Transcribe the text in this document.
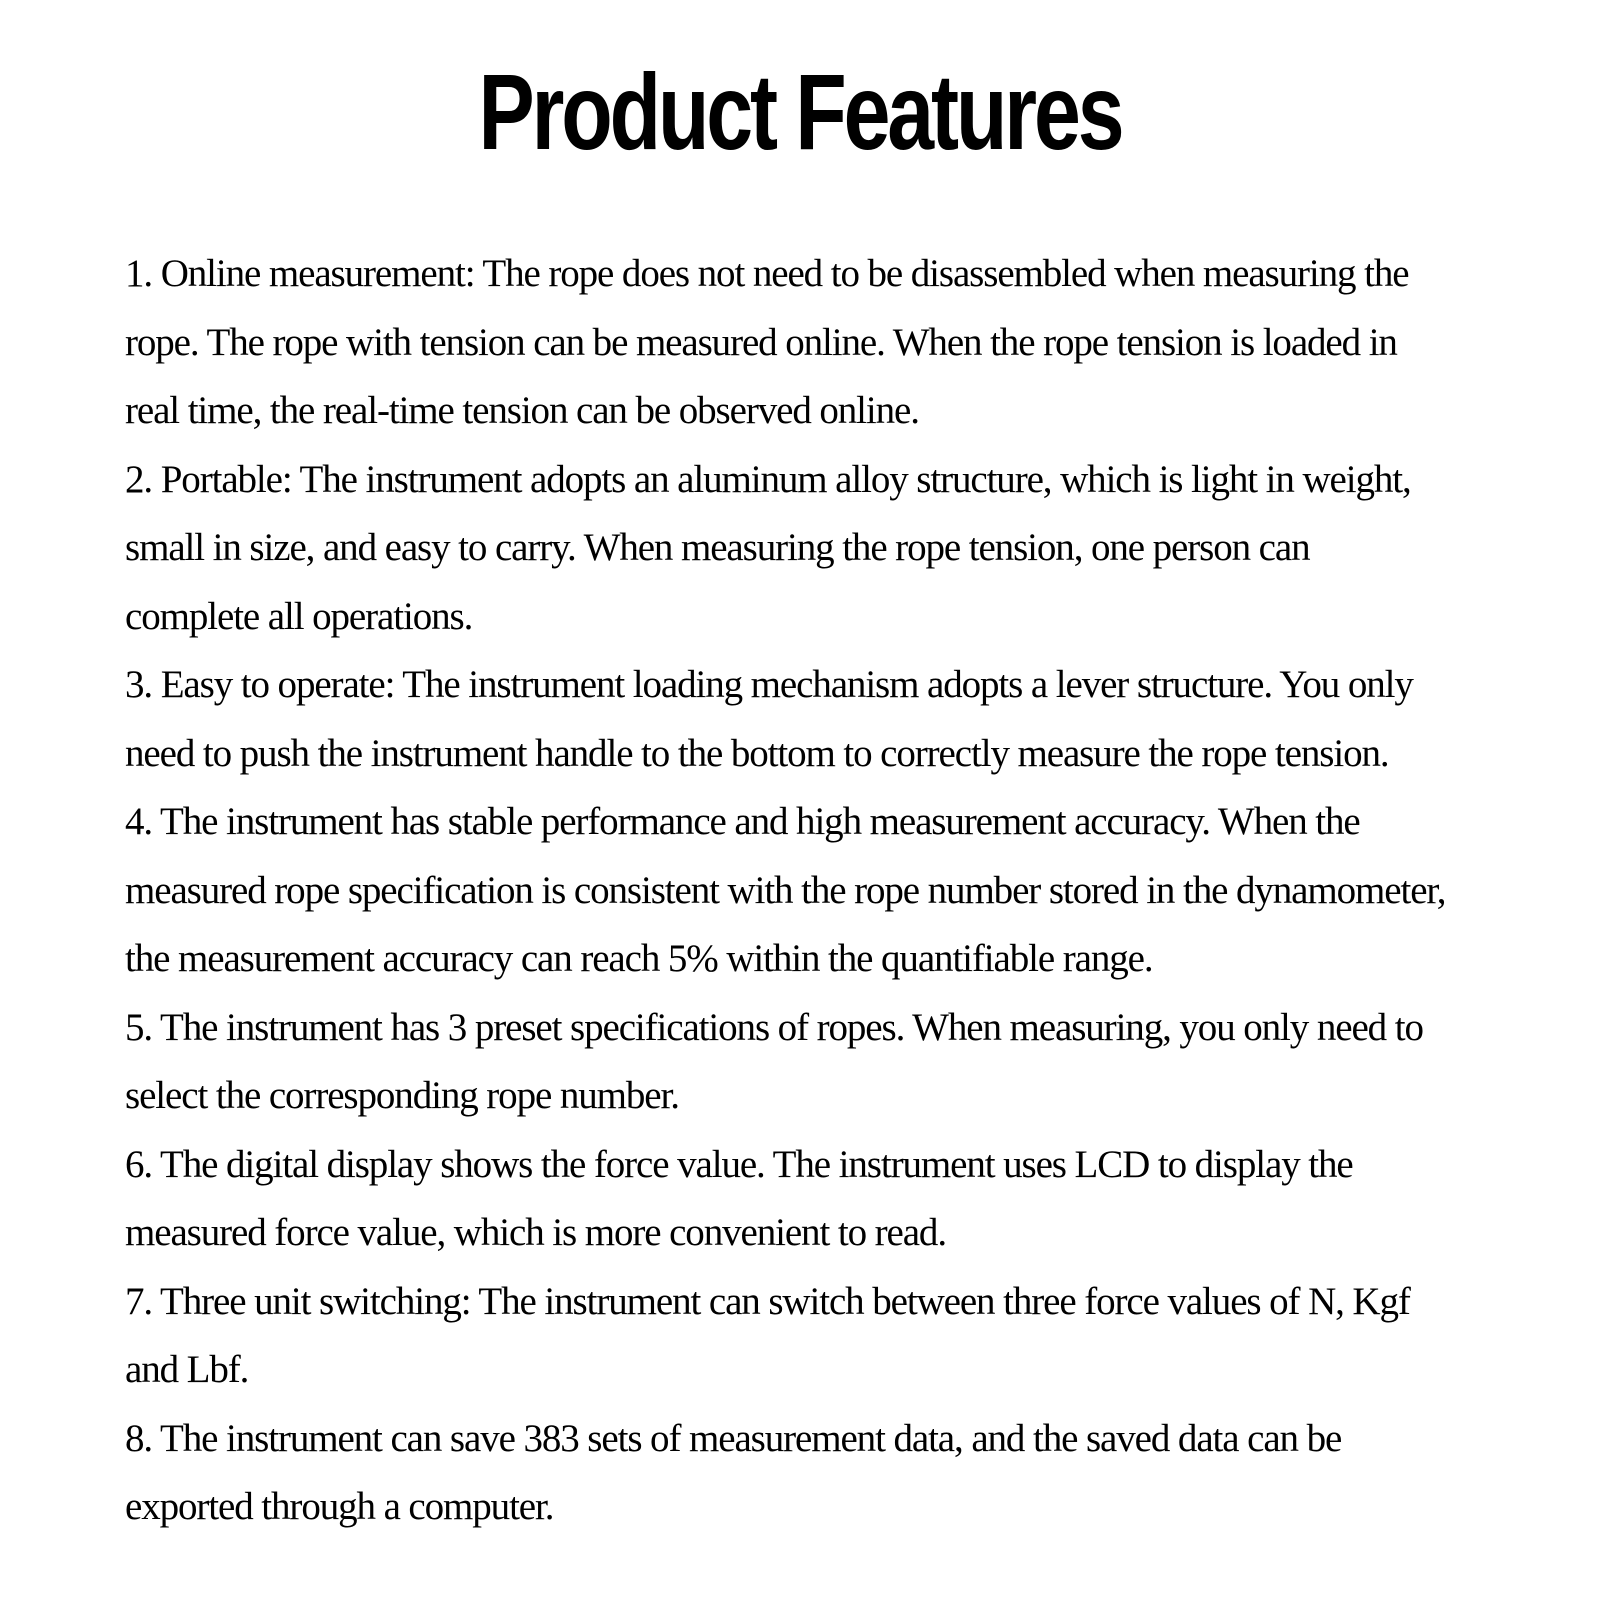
Product Features
1. Online measurement: The rope does not need to be disassembled when measuring the
rope. The rope with tension can be measured online. When the rope tension is loaded in
real time, the real-time tension can be observed online.
2. Portable: The instrument adopts an aluminum alloy structure, which is light in weight,
small in size, and easy to carry. When measuring the rope tension, one person can
complete all operations.
3. Easy to operate: The instrument loading mechanism adopts a lever structure. You only
need to push the instrument handle to the bottom to correctly measure the rope tension.
4. The instrument has stable performance and high measurement accuracy. When the
measured rope specification is consistent with the rope number stored in the dynamometer,
the measurement accuracy can reach 5% within the quantifiable range.
5. The instrument has 3 preset specifications of ropes. When measuring, you only need to
select the corresponding rope number.
6. The digital display shows the force value. The instrument uses LCD to display the
measured force value, which is more convenient to read.
7. Three unit switching: The instrument can switch between three force values of N, Kgf
and Lbf.
8. The instrument can save 383 sets of measurement data, and the saved data can be
exported through a computer.
